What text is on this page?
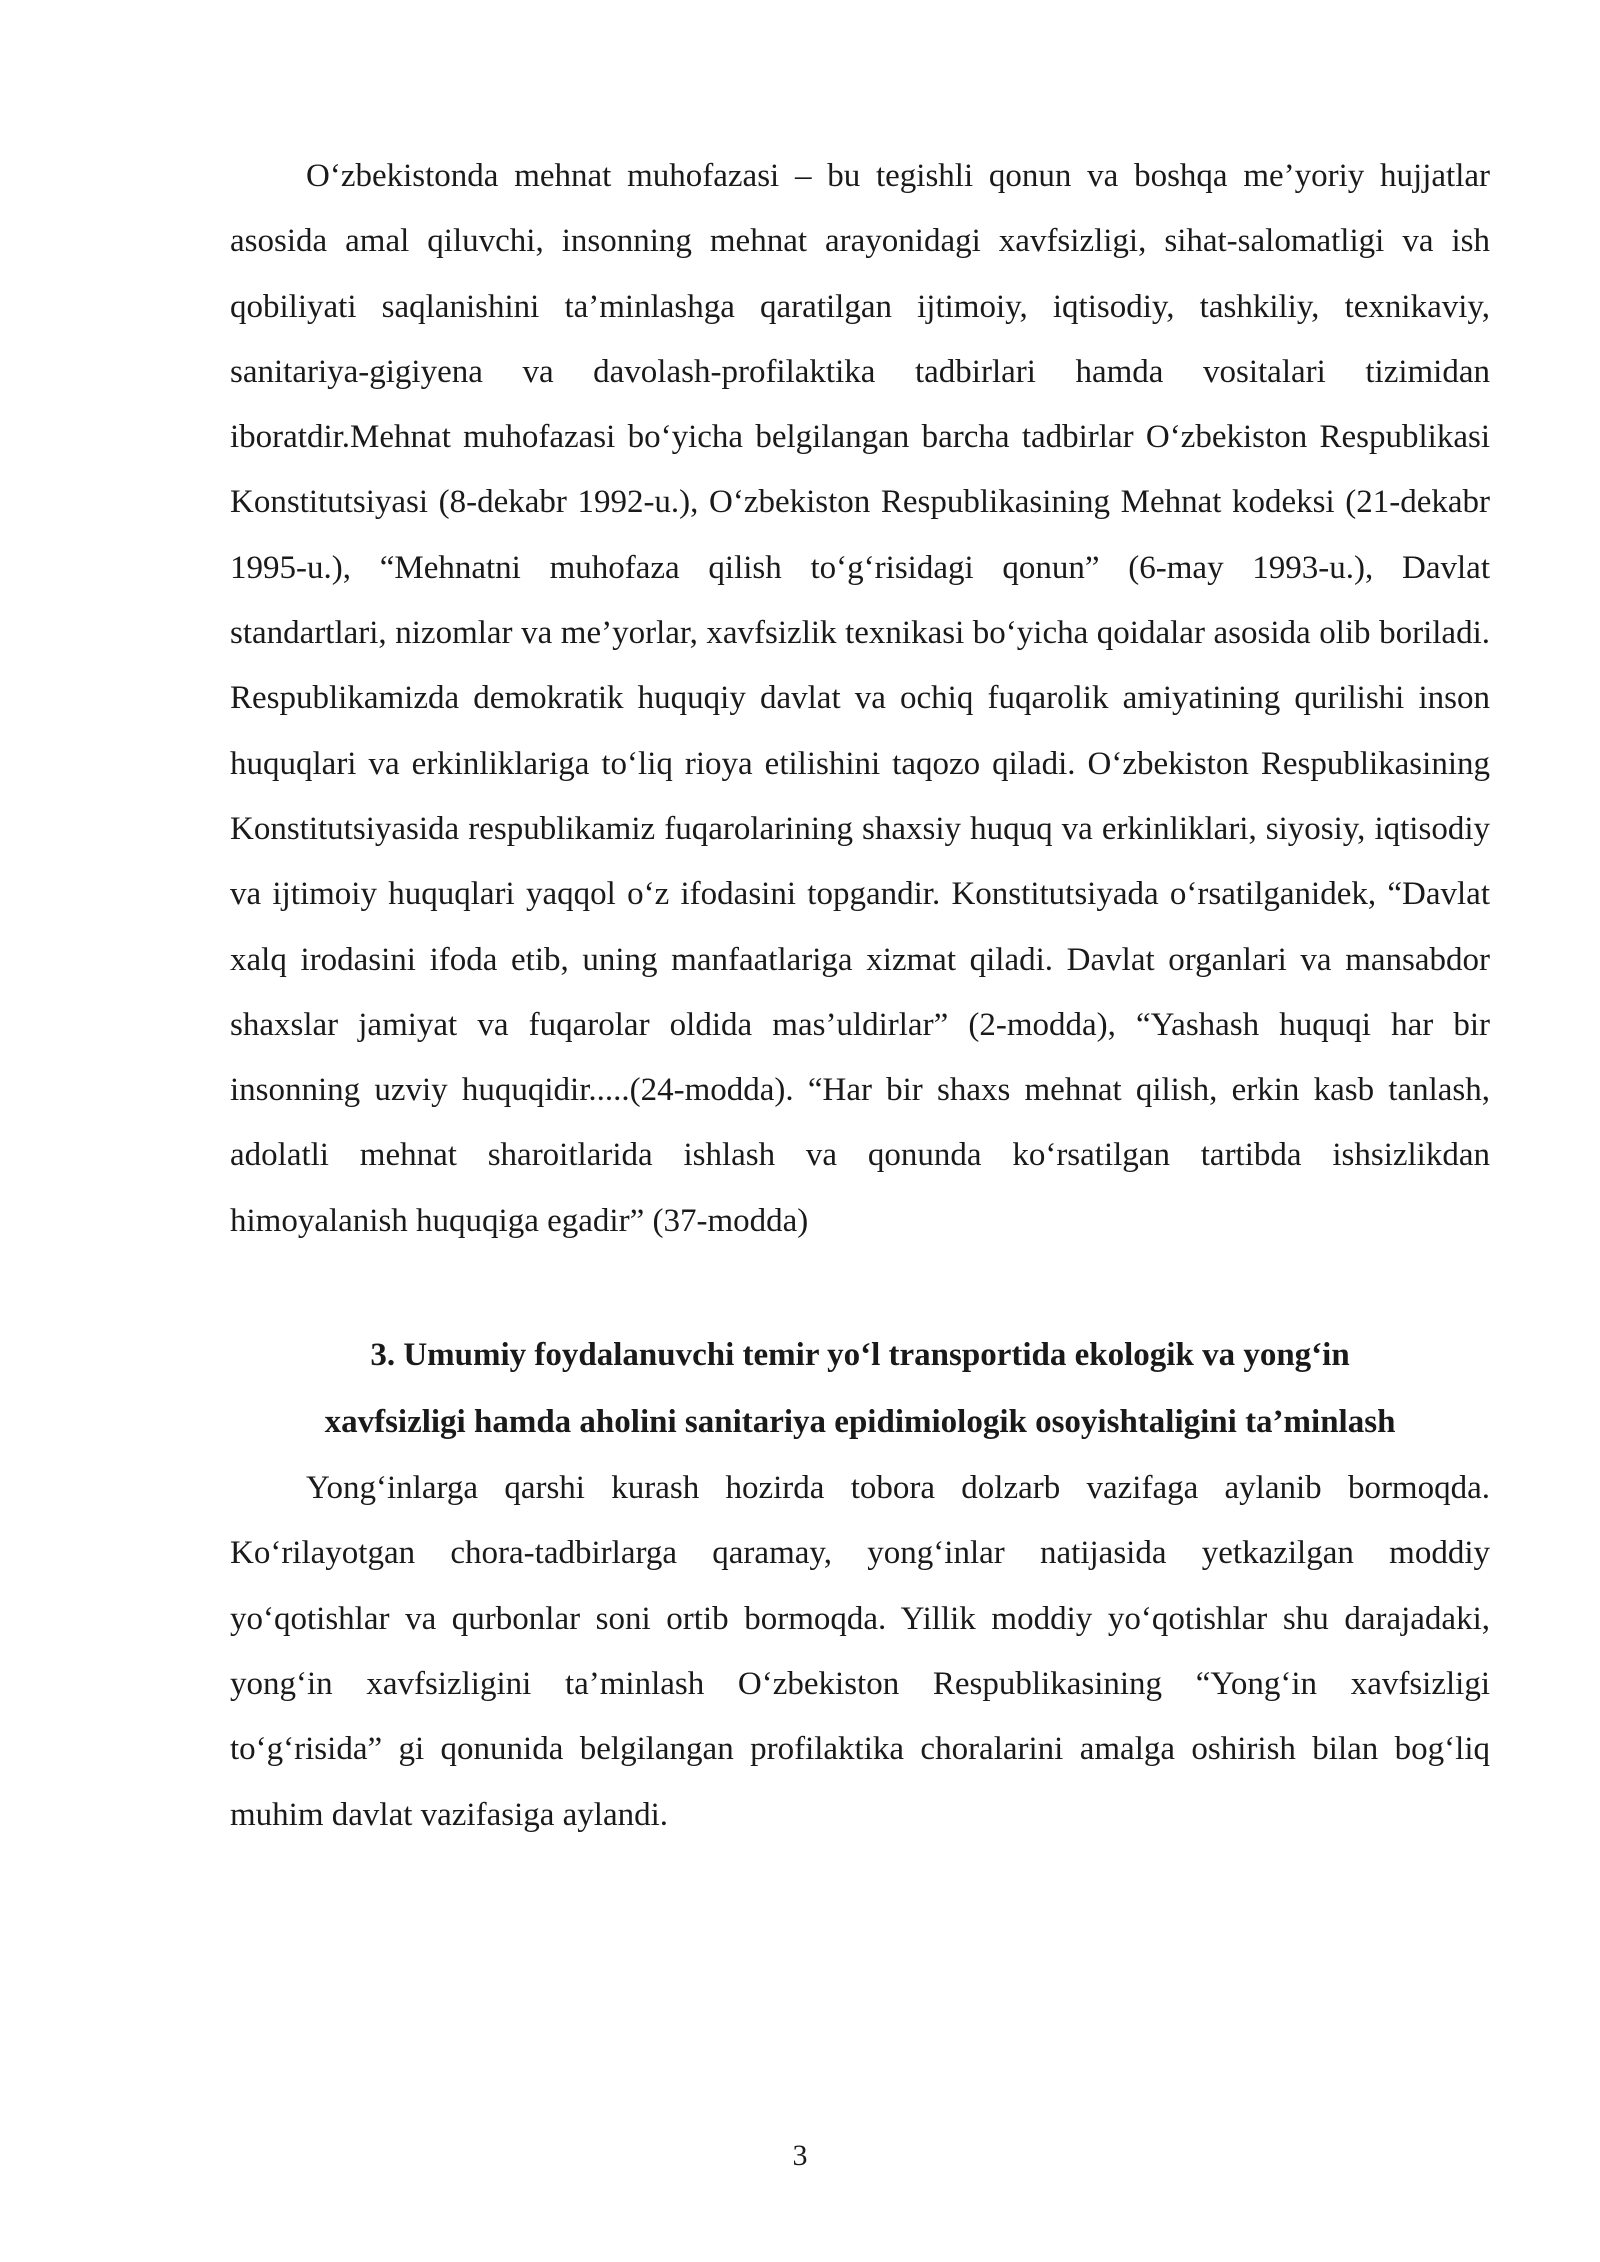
O‘zbekistonda mehnat muhofazasi – bu tegishli qonun va boshqa me’yoriy hujjatlar asosida amal qiluvchi, insonning mehnat arayonidagi xavfsizligi, sihat-salomatligi va ish qobiliyati saqlanishini ta’minlashga qaratilgan ijtimoiy, iqtisodiy, tashkiliy, texnikaviy, sanitariya-gigiyena va davolash-profilaktika tadbirlari hamda vositalari tizimidan iboratdir.Mehnat muhofazasi bo‘yicha belgilangan barcha tadbirlar O‘zbekiston Respublikasi Konstitutsiyasi (8-dekabr 1992-u.), O‘zbekiston Respublikasining Mehnat kodeksi (21-dekabr 1995-u.), “Mehnatni muhofaza qilish to‘g‘risidagi qonun” (6-may 1993-u.), Davlat standartlari, nizomlar va me’yorlar, xavfsizlik texnikasi bo‘yicha qoidalar asosida olib boriladi. Respublikamizda demokratik huquqiy davlat va ochiq fuqarolik amiyatining qurilishi inson huquqlari va erkinliklariga to‘liq rioya etilishini taqozo qiladi. O‘zbekiston Respublikasining Konstitutsiyasida respublikamiz fuqarolarining shaxsiy huquq va erkinliklari, siyosiy, iqtisodiy va ijtimoiy huquqlari yaqqol o‘z ifodasini topgandir. Konstitutsiyada o‘rsatilganidek, “Davlat xalq irodasini ifoda etib, uning manfaatlariga xizmat qiladi. Davlat organlari va mansabdor shaxslar jamiyat va fuqarolar oldida mas’uldirlar” (2-modda), “Yashash huquqi har bir insonning uzviy huquqidir.....(24-modda). “Har bir shaxs mehnat qilish, erkin kasb tanlash, adolatli mehnat sharoitlarida ishlash va qonunda ko‘rsatilgan tartibda ishsizlikdan himoyalanish huquqiga egadir” (37-modda)

3. Umumiy foydalanuvchi temir yo‘l transportida ekologik va yong‘in
xavfsizligi hamda aholini sanitariya epidimiologik osoyishtaligini ta’minlash

Yong‘inlarga qarshi kurash hozirda tobora dolzarb vazifaga aylanib bormoqda. Ko‘rilayotgan chora-tadbirlarga qaramay, yong‘inlar natijasida yetkazilgan moddiy yo‘qotishlar va qurbonlar soni ortib bormoqda. Yillik moddiy yo‘qotishlar shu darajadaki, yong‘in xavfsizligini ta’minlash O‘zbekiston Respublikasining “Yong‘in xavfsizligi to‘g‘risida” gi qonunida belgilangan profilaktika choralarini amalga oshirish bilan bog‘liq muhim davlat vazifasiga aylandi.

3
